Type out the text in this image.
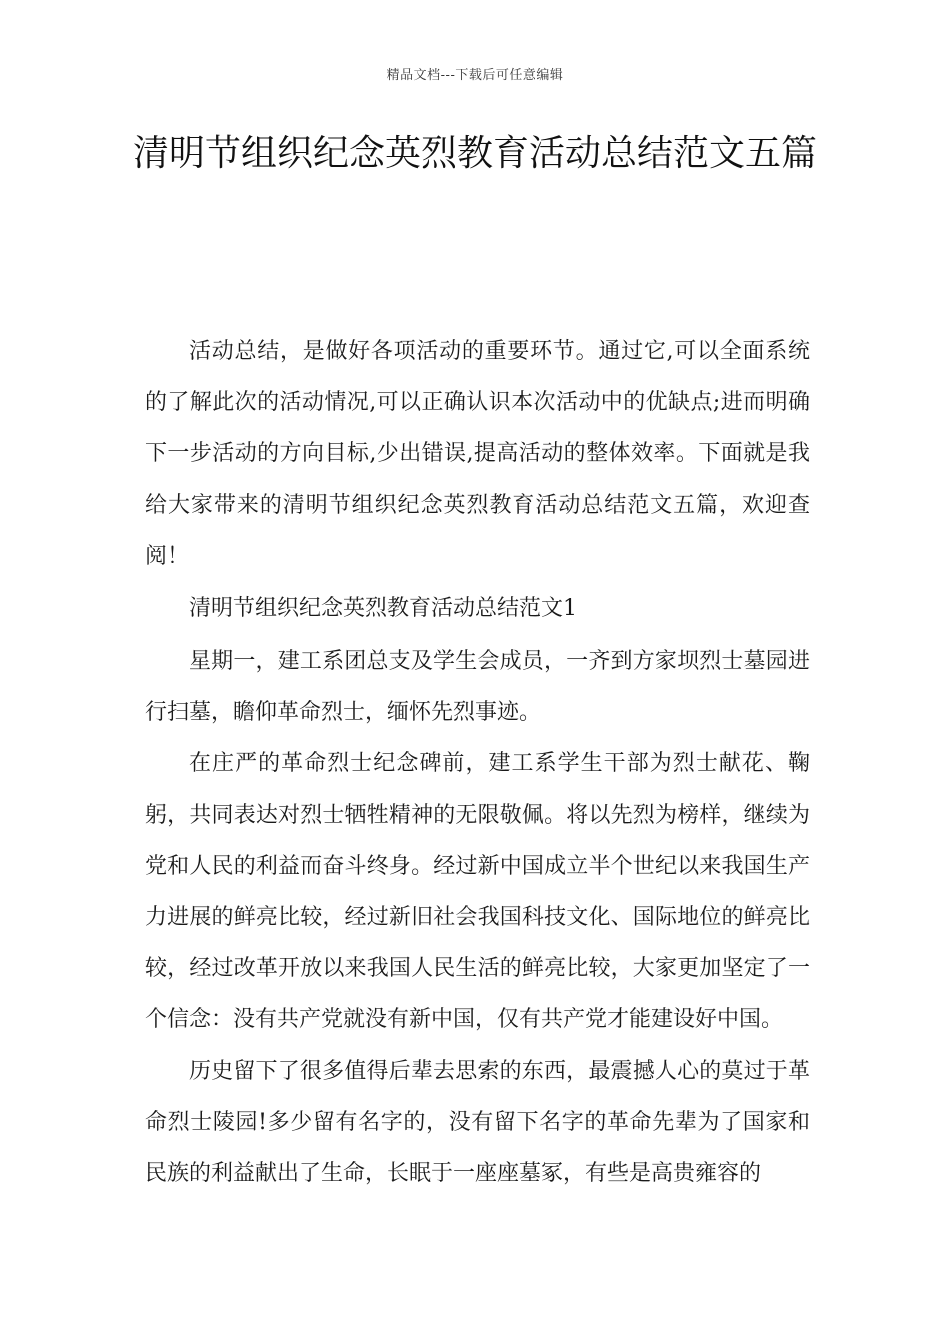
精品文档---下载后可任意编辑
清明节组织纪念英烈教育活动总结范文五篇

活动总结，是做好各项活动的重要环节。通过它,可以全面系统的了解此次的活动情况,可以正确认识本次活动中的优缺点;进而明确下一步活动的方向目标,少出错误,提高活动的整体效率。下面就是我给大家带来的清明节组织纪念英烈教育活动总结范文五篇，欢迎查阅！

清明节组织纪念英烈教育活动总结范文1

星期一，建工系团总支及学生会成员，一齐到方家坝烈士墓园进行扫墓，瞻仰革命烈士，缅怀先烈事迹。

在庄严的革命烈士纪念碑前，建工系学生干部为烈士献花、鞠躬，共同表达对烈士牺牲精神的无限敬佩。将以先烈为榜样，继续为党和人民的利益而奋斗终身。经过新中国成立半个世纪以来我国生产力进展的鲜亮比较，经过新旧社会我国科技文化、国际地位的鲜亮比较，经过改革开放以来我国人民生活的鲜亮比较，大家更加坚定了一个信念：没有共产党就没有新中国，仅有共产党才能建设好中国。

历史留下了很多值得后辈去思索的东西，最震撼人心的莫过于革命烈士陵园!多少留有名字的，没有留下名字的革命先辈为了国家和民族的利益献出了生命，长眠于一座座墓冢，有些是高贵雍容的
